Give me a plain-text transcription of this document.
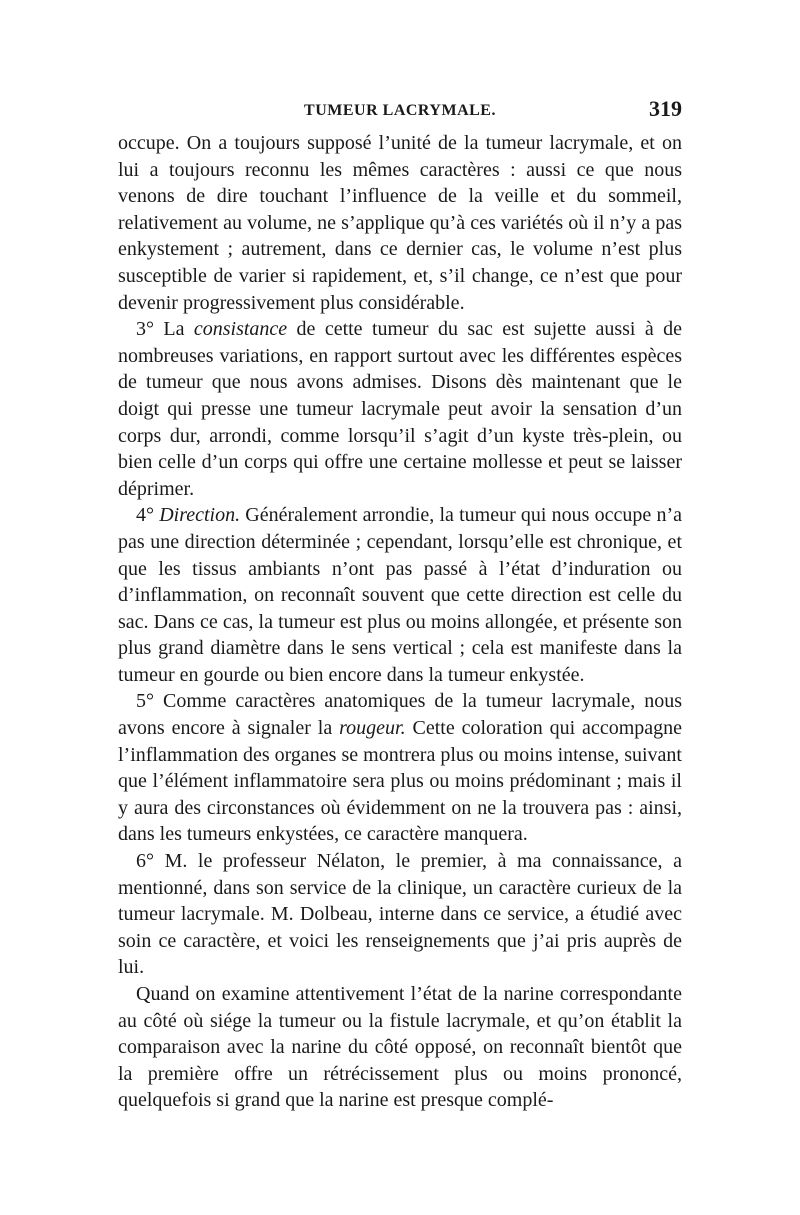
TUMEUR LACRYMALE.	319

occupe. On a toujours supposé l’unité de la tumeur lacrymale, et on lui a toujours reconnu les mêmes caractères : aussi ce que nous venons de dire touchant l’influence de la veille et du sommeil, relativement au volume, ne s’applique qu’à ces variétés où il n’y a pas enkystement ; autrement, dans ce dernier cas, le volume n’est plus susceptible de varier si rapidement, et, s’il change, ce n’est que pour devenir progressivement plus considérable.

3° La consistance de cette tumeur du sac est sujette aussi à de nombreuses variations, en rapport surtout avec les différentes espèces de tumeur que nous avons admises. Disons dès maintenant que le doigt qui presse une tumeur lacrymale peut avoir la sensation d’un corps dur, arrondi, comme lorsqu’il s’agit d’un kyste très-plein, ou bien celle d’un corps qui offre une certaine mollesse et peut se laisser déprimer.

4° Direction. Généralement arrondie, la tumeur qui nous occupe n’a pas une direction déterminée ; cependant, lorsqu’elle est chronique, et que les tissus ambiants n’ont pas passé à l’état d’induration ou d’inflammation, on reconnaît souvent que cette direction est celle du sac. Dans ce cas, la tumeur est plus ou moins allongée, et présente son plus grand diamètre dans le sens vertical ; cela est manifeste dans la tumeur en gourde ou bien encore dans la tumeur enkystée.

5° Comme caractères anatomiques de la tumeur lacrymale, nous avons encore à signaler la rougeur. Cette coloration qui accompagne l’inflammation des organes se montrera plus ou moins intense, suivant que l’élément inflammatoire sera plus ou moins prédominant ; mais il y aura des circonstances où évidemment on ne la trouvera pas : ainsi, dans les tumeurs enkystées, ce caractère manquera.

6° M. le professeur Nélaton, le premier, à ma connaissance, a mentionné, dans son service de la clinique, un caractère curieux de la tumeur lacrymale. M. Dolbeau, interne dans ce service, a étudié avec soin ce caractère, et voici les renseignements que j’ai pris auprès de lui.

Quand on examine attentivement l’état de la narine correspondante au côté où siége la tumeur ou la fistule lacrymale, et qu’on établit la comparaison avec la narine du côté opposé, on reconnaît bientôt que la première offre un rétrécissement plus ou moins prononcé, quelquefois si grand que la narine est presque complé-
